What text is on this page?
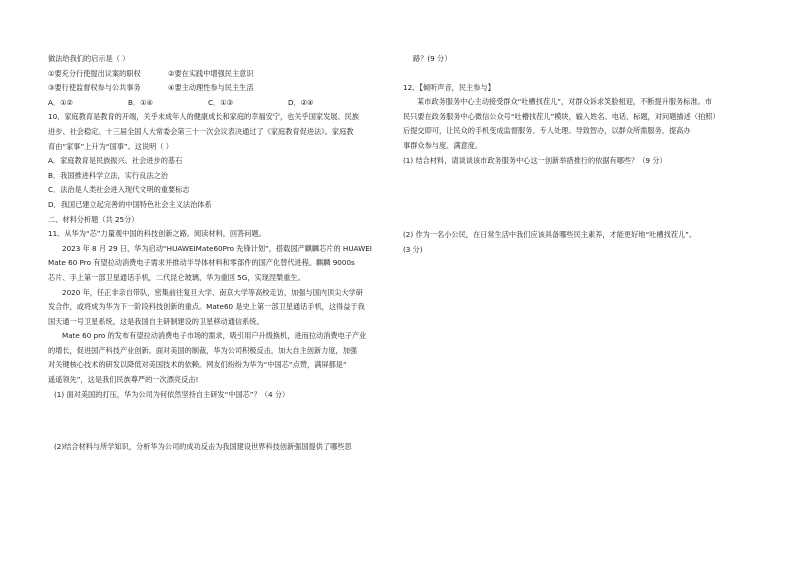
做法给我们的启示是（ ）
①要充分行使提出议案的职权	②要在实践中增强民主意识
③要行使监督权参与公共事务	④要主动理性参与民主生活
A．①②	B．①④	C．①③	D．②④
10、家庭教育是教育的开端，关乎未成年人的健康成长和家庭的幸福安宁，也关乎国家发展、民族
进步、社会稳定。十三届全国人大常委会第三十一次会议表决通过了《家庭教育促进法》。家庭教
育由“家事”上升为“国事”。这说明（ ）
A．家庭教育是民族振兴、社会进步的基石
B．我国推进科学立法，实行良法之治
C．法治是人类社会进入现代文明的重要标志
D．我国已建立起完善的中国特色社会主义法治体系
二、材料分析题（共 25分）
11、从华为“芯”力量观中国的科技创新之路。阅读材料，回答问题。
2023 年 8 月 29 日，华为启动“HUAWEIMate60Pro 先锋计划”，搭载国产麒麟芯片的 HUAWEI
Mate 60 Pro 有望拉动消费电子需求并推动半导体材料和零部件的国产化替代进程。麒麟 9000s
芯片、手上第一部卫星通话手机，二代昆仑玻璃，华为重回 5G，实现涅槃重生。
2020 年，任正非亲自带队，密集前往复旦大学、南京大学等高校走访，加强与国内顶尖大学研
发合作，或将成为华为下一阶段科技创新的重点。Mate60 是史上第一部卫星通话手机，这得益于我
国天通一号卫星系统，这是我国自主研制建设的卫星移动通信系统。
Mate 60 pro 的发布有望拉动消费电子市场的需求，吸引用户升级换机，进而拉动消费电子产业
的增长，促进国产科技产业创新。面对美国的制裁，华为公司积极反击，加大自主创新力度，加强
对关键核心技术的研发以降低对美国技术的依赖。网友们纷纷为华为“中国芯”点赞，满屏都是“
遥遥领先”，这是我们民族尊严的一次漂亮反击!
(1) 面对美国的打压，华为公司为何依然坚持自主研发“中国芯”？（4 分）
(2)结合材料与所学知识，分析华为公司的成功反击为我国建设世界科技创新强国提供了哪些思
路？(9 分）
12、【倾听声音，民主参与】
某市政务服务中心主动接受群众“吐槽找茬儿”，对群众诉求笑脸相迎，不断提升服务标准。市
民只要在政务服务中心微信公众号“吐槽找茬儿”模块，输入姓名、电话、标题，对问题描述（拍照）
后提交即可，让民众的手机变成监督服务、专人处理。导致智办，以群众所需服务，提高办
事群众参与度、满意度。
(1) 结合材料，请谈谈该市政务服务中心这一创新举措推行的依据有哪些？（9 分）
(2) 作为一名小公民，在日常生活中我们应该具备哪些民主素养，才能更好地“吐槽找茬儿”。
(3 分)
